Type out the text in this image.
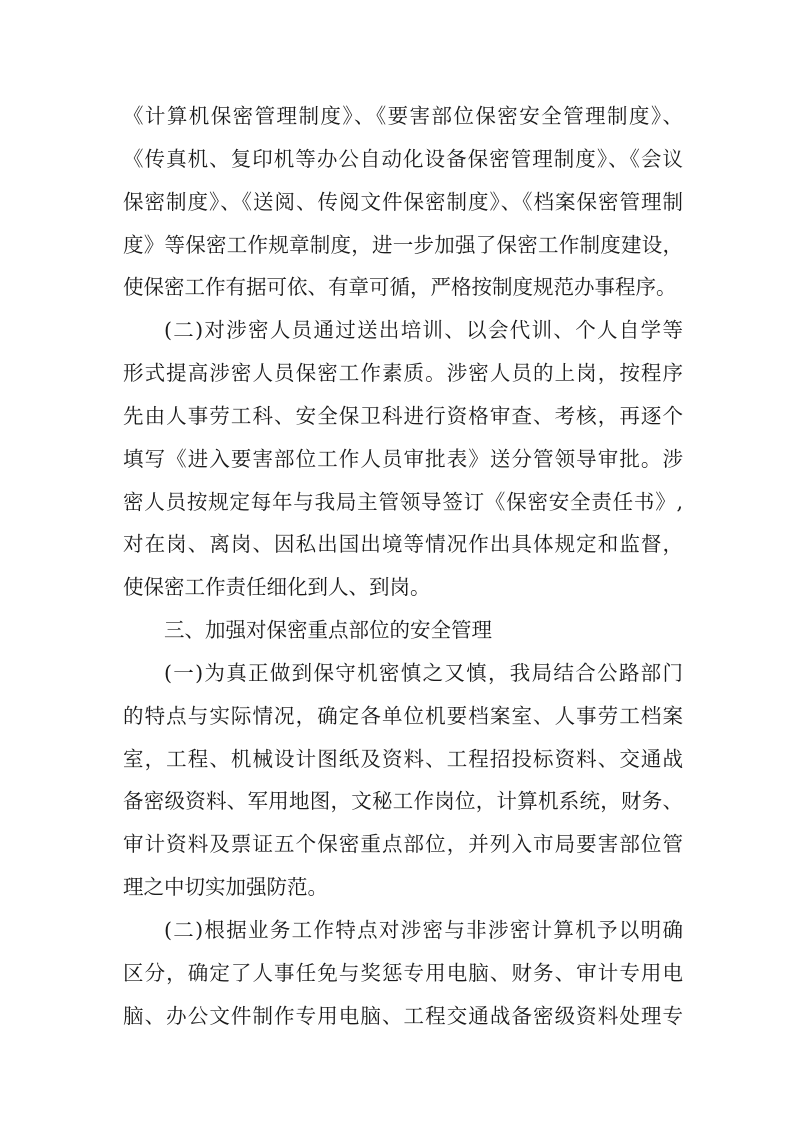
《计算机保密管理制度》、《要害部位保密安全管理制度》、
《传真机、复印机等办公自动化设备保密管理制度》、《会议
保密制度》、《送阅、传阅文件保密制度》、《档案保密管理制
度》等保密工作规章制度，进一步加强了保密工作制度建设，
使保密工作有据可依、有章可循，严格按制度规范办事程序。
(二)对涉密人员通过送出培训、以会代训、个人自学等
形式提高涉密人员保密工作素质。涉密人员的上岗，按程序
先由人事劳工科、安全保卫科进行资格审查、考核，再逐个
填写《进入要害部位工作人员审批表》送分管领导审批。涉
密人员按规定每年与我局主管领导签订《保密安全责任书》,
对在岗、离岗、因私出国出境等情况作出具体规定和监督，
使保密工作责任细化到人、到岗。
三、加强对保密重点部位的安全管理
(一)为真正做到保守机密慎之又慎，我局结合公路部门
的特点与实际情况，确定各单位机要档案室、人事劳工档案
室，工程、机械设计图纸及资料、工程招投标资料、交通战
备密级资料、军用地图，文秘工作岗位，计算机系统，财务、
审计资料及票证五个保密重点部位，并列入市局要害部位管
理之中切实加强防范。
(二)根据业务工作特点对涉密与非涉密计算机予以明确
区分，确定了人事任免与奖惩专用电脑、财务、审计专用电
脑、办公文件制作专用电脑、工程交通战备密级资料处理专
